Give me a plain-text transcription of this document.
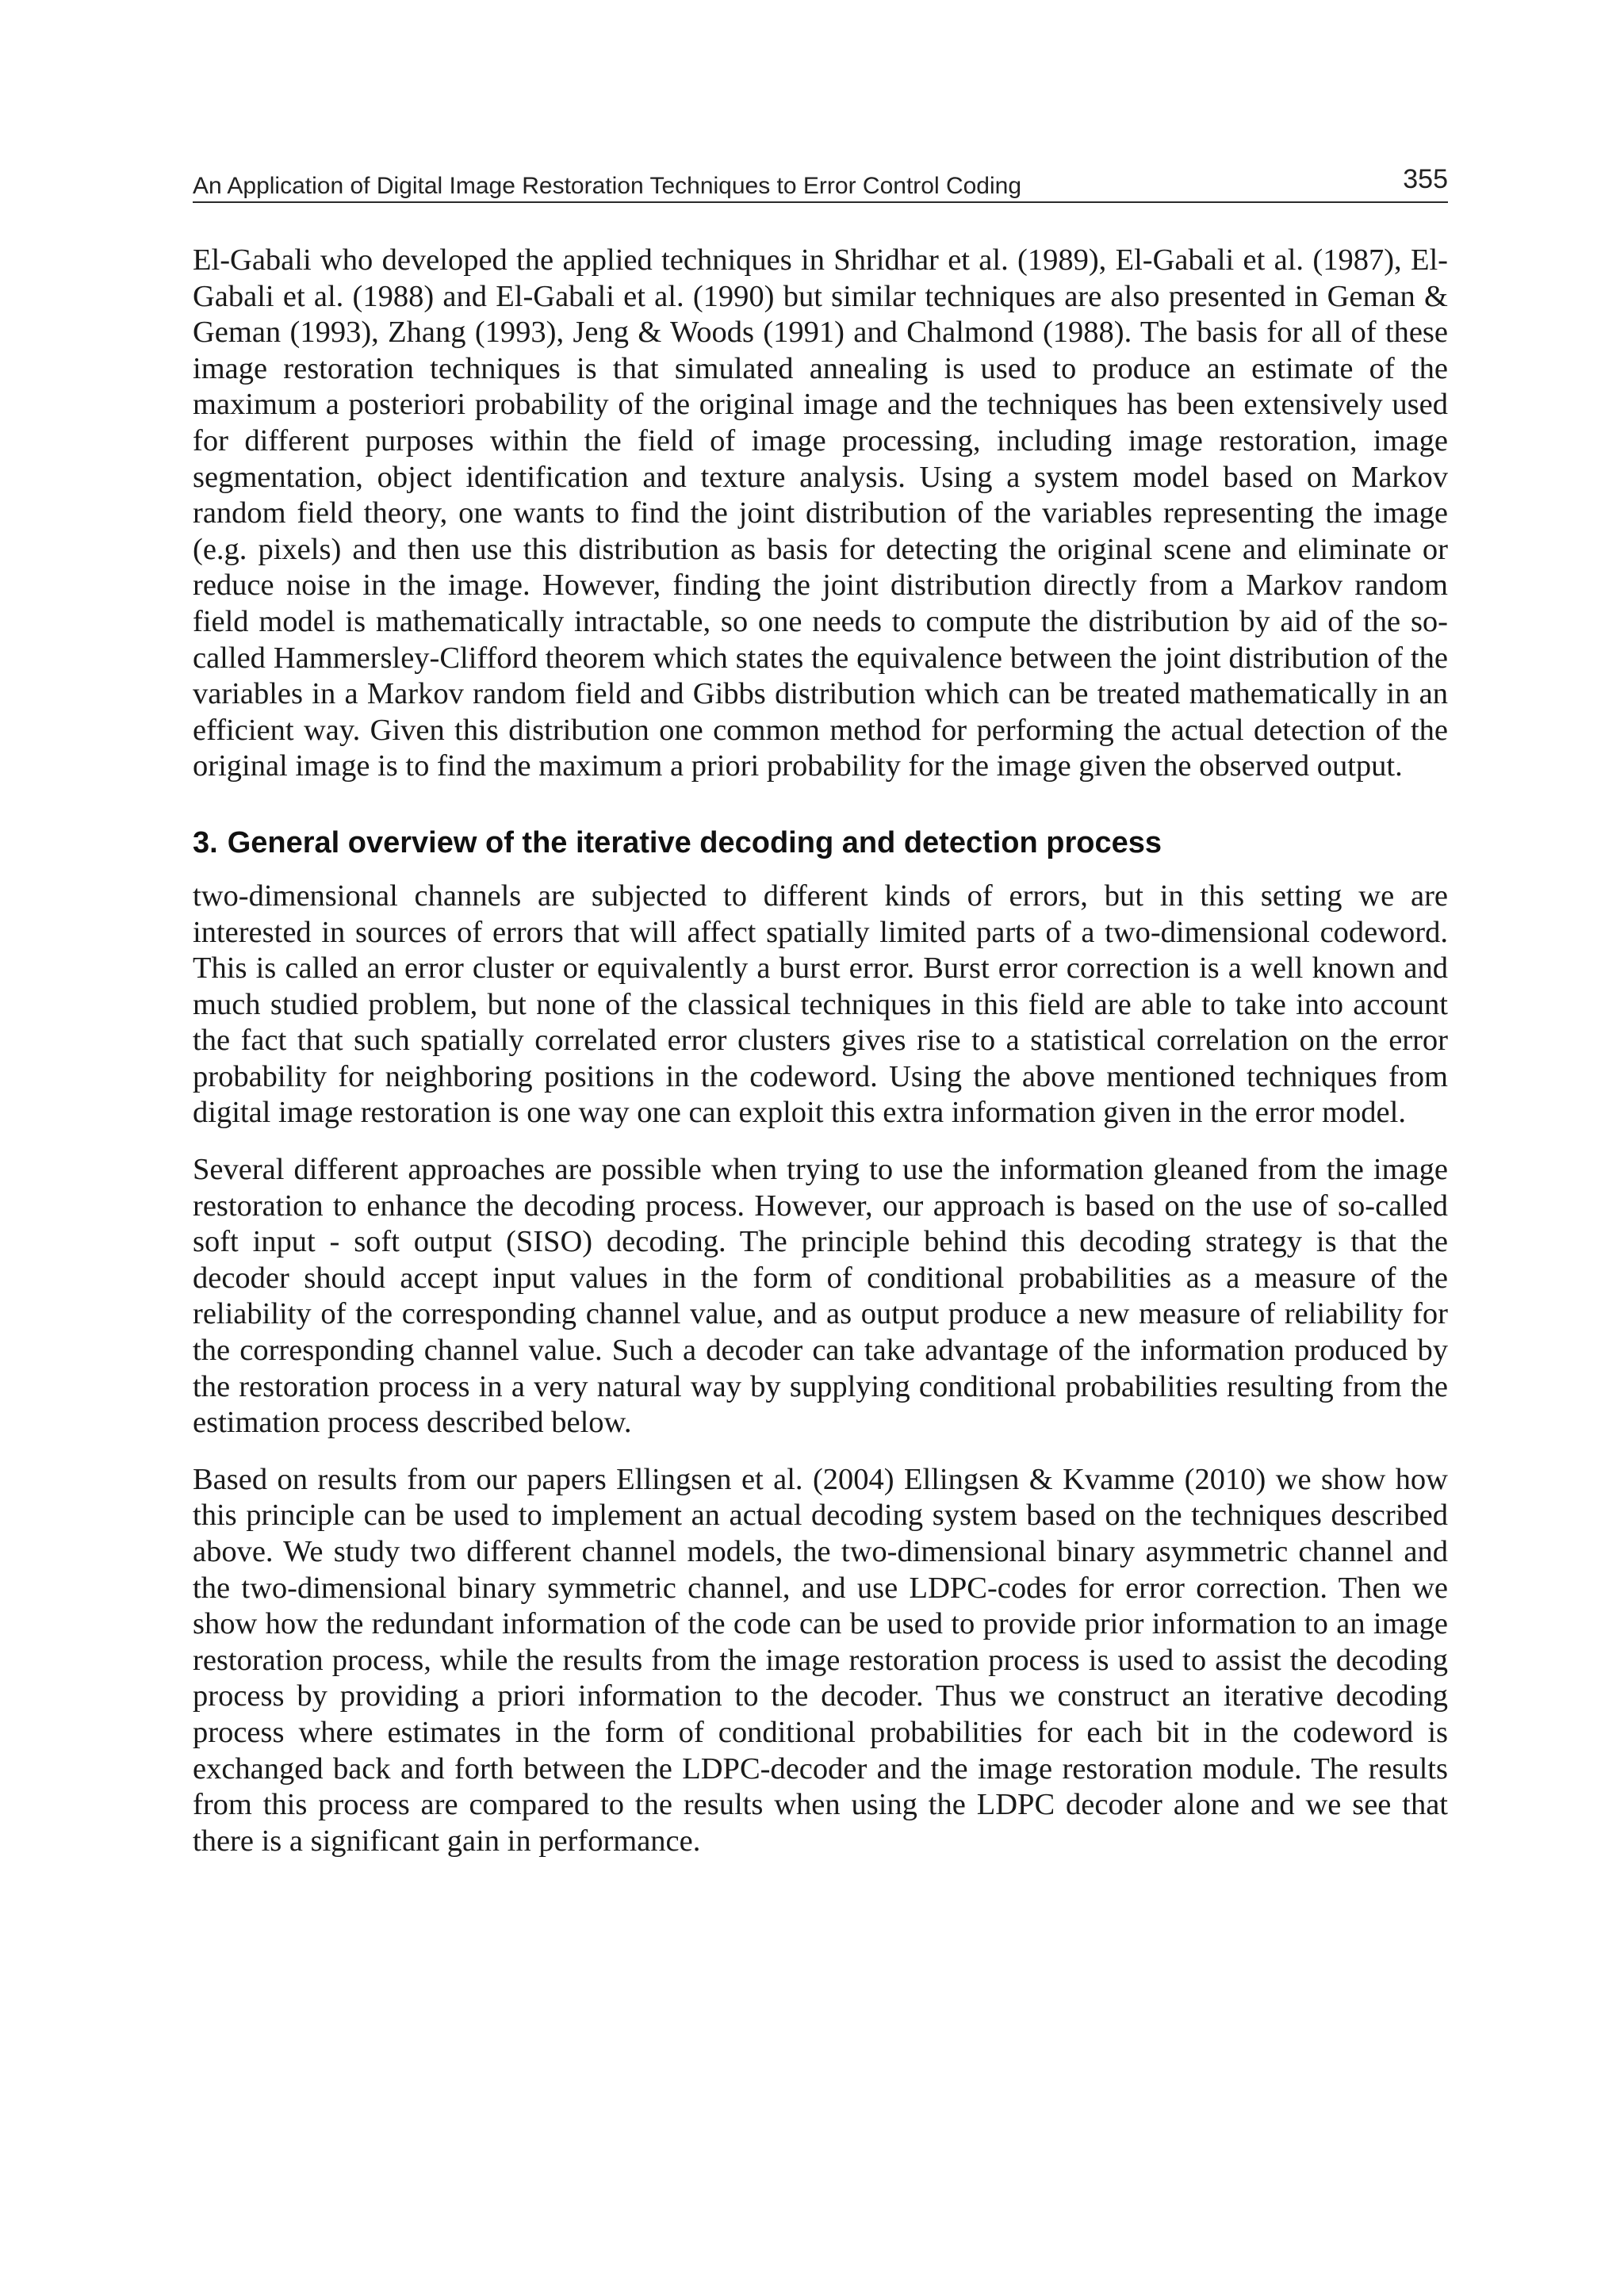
An Application of Digital Image Restoration Techniques to Error Control Coding	355

El-Gabali who developed the applied techniques in Shridhar et al. (1989), El-Gabali et al. (1987), El-Gabali et al. (1988) and El-Gabali et al. (1990) but similar techniques are also presented in Geman & Geman (1993), Zhang (1993), Jeng & Woods (1991) and Chalmond (1988). The basis for all of these image restoration techniques is that simulated annealing is used to produce an estimate of the maximum a posteriori probability of the original image and the techniques has been extensively used for different purposes within the field of image processing, including image restoration, image segmentation, object identification and texture analysis. Using a system model based on Markov random field theory, one wants to find the joint distribution of the variables representing the image (e.g. pixels) and then use this distribution as basis for detecting the original scene and eliminate or reduce noise in the image. However, finding the joint distribution directly from a Markov random field model is mathematically intractable, so one needs to compute the distribution by aid of the so-called Hammersley-Clifford theorem which states the equivalence between the joint distribution of the variables in a Markov random field and Gibbs distribution which can be treated mathematically in an efficient way. Given this distribution one common method for performing the actual detection of the original image is to find the maximum a priori probability for the image given the observed output.

3. General overview of the iterative decoding and detection process

two-dimensional channels are subjected to different kinds of errors, but in this setting we are interested in sources of errors that will affect spatially limited parts of a two-dimensional codeword. This is called an error cluster or equivalently a burst error. Burst error correction is a well known and much studied problem, but none of the classical techniques in this field are able to take into account the fact that such spatially correlated error clusters gives rise to a statistical correlation on the error probability for neighboring positions in the codeword. Using the above mentioned techniques from digital image restoration is one way one can exploit this extra information given in the error model.

Several different approaches are possible when trying to use the information gleaned from the image restoration to enhance the decoding process. However, our approach is based on the use of so-called soft input - soft output (SISO) decoding. The principle behind this decoding strategy is that the decoder should accept input values in the form of conditional probabilities as a measure of the reliability of the corresponding channel value, and as output produce a new measure of reliability for the corresponding channel value. Such a decoder can take advantage of the information produced by the restoration process in a very natural way by supplying conditional probabilities resulting from the estimation process described below.

Based on results from our papers Ellingsen et al. (2004) Ellingsen & Kvamme (2010) we show how this principle can be used to implement an actual decoding system based on the techniques described above. We study two different channel models, the two-dimensional binary asymmetric channel and the two-dimensional binary symmetric channel, and use LDPC-codes for error correction. Then we show how the redundant information of the code can be used to provide prior information to an image restoration process, while the results from the image restoration process is used to assist the decoding process by providing a priori information to the decoder. Thus we construct an iterative decoding process where estimates in the form of conditional probabilities for each bit in the codeword is exchanged back and forth between the LDPC-decoder and the image restoration module. The results from this process are compared to the results when using the LDPC decoder alone and we see that there is a significant gain in performance.
